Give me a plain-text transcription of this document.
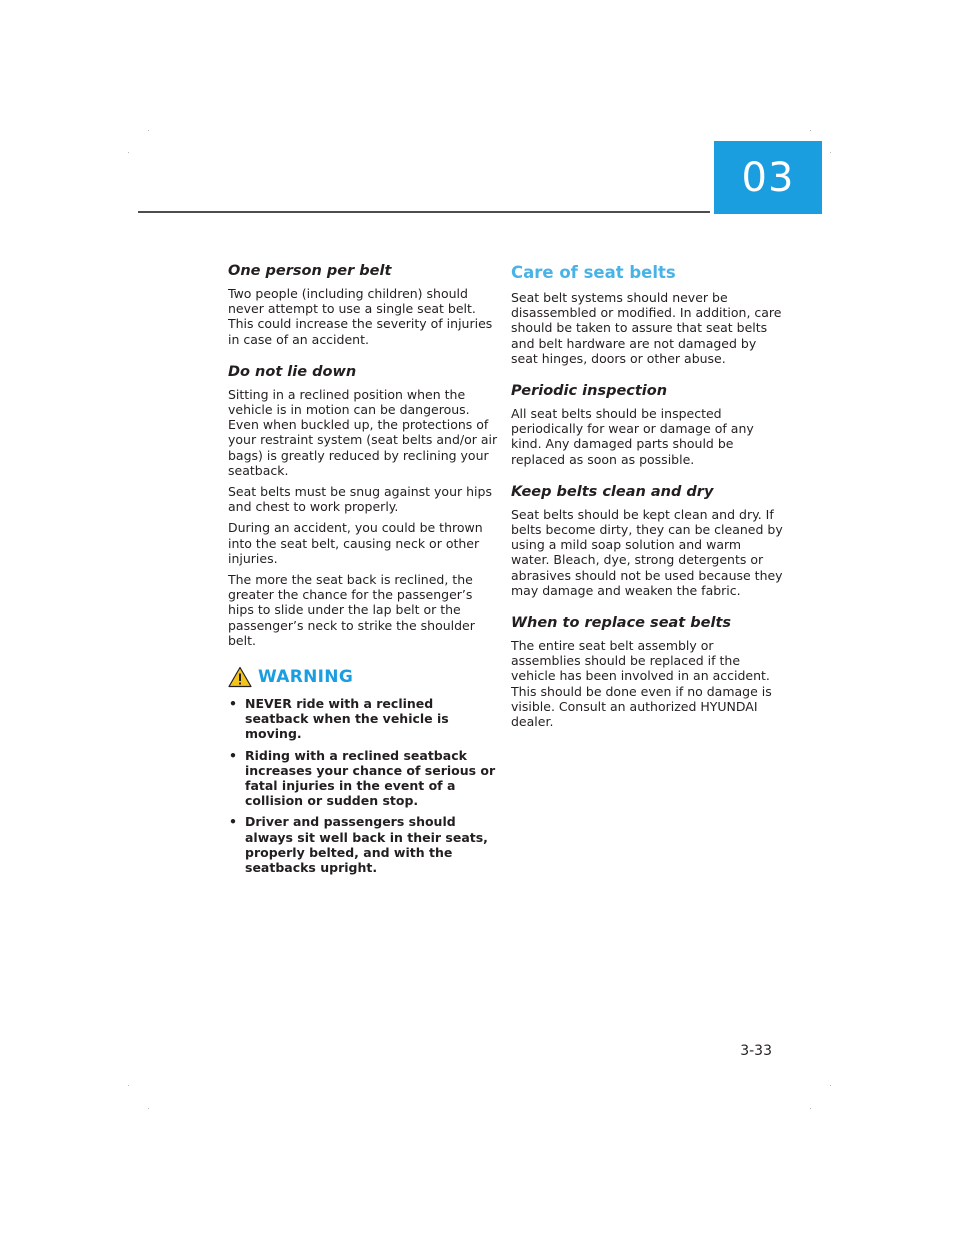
03
One person per belt

Two people (including children) should never attempt to use a single seat belt. This could increase the severity of injuries in case of an accident.

Do not lie down

Sitting in a reclined position when the vehicle is in motion can be dangerous. Even when buckled up, the protections of your restraint system (seat belts and/or air bags) is greatly reduced by reclining your seatback.

Seat belts must be snug against your hips and chest to work properly.

During an accident, you could be thrown into the seat belt, causing neck or other injuries.

The more the seat back is reclined, the greater the chance for the passenger’s hips to slide under the lap belt or the passenger’s neck to strike the shoulder belt.

WARNING
• NEVER ride with a reclined seatback when the vehicle is moving.
• Riding with a reclined seatback increases your chance of serious or fatal injuries in the event of a collision or sudden stop.
• Driver and passengers should always sit well back in their seats, properly belted, and with the seatbacks upright.
Care of seat belts

Seat belt systems should never be disassembled or modified. In addition, care should be taken to assure that seat belts and belt hardware are not damaged by seat hinges, doors or other abuse.

Periodic inspection

All seat belts should be inspected periodically for wear or damage of any kind. Any damaged parts should be replaced as soon as possible.

Keep belts clean and dry

Seat belts should be kept clean and dry. If belts become dirty, they can be cleaned by using a mild soap solution and warm water. Bleach, dye, strong detergents or abrasives should not be used because they may damage and weaken the fabric.

When to replace seat belts

The entire seat belt assembly or assemblies should be replaced if the vehicle has been involved in an accident. This should be done even if no damage is visible. Consult an authorized HYUNDAI dealer.

3-33
